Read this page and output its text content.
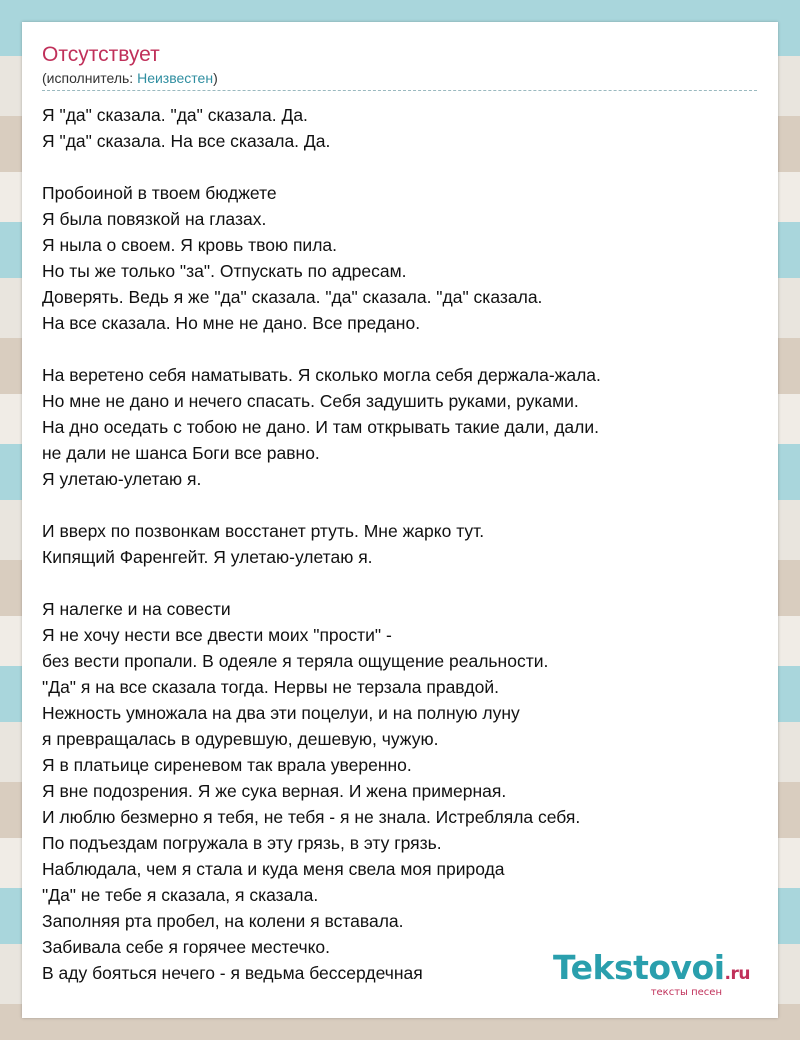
Отсутствует
(исполнитель: Неизвестен)
Я "да" сказала. "да" сказала. Да.
Я "да" сказала. На все сказала. Да.

Пробоиной в твоем бюджете
Я была повязкой на глазах.
Я ныла о своем. Я кровь твою пила.
Но ты же только "за". Отпускать по адресам.
Доверять. Ведь я же "да" сказала. "да" сказала. "да" сказала.
На все сказала. Но мне не дано. Все предано.

На веретено себя наматывать. Я сколько могла себя держала-жала.
Но мне не дано и нечего спасать. Себя задушить руками, руками.
На дно оседать с тобою не дано. И там открывать такие дали, дали.
не дали не шанса Боги все равно.
Я улетаю-улетаю я.

И вверх по позвонкам восстанет ртуть. Мне жарко тут.
Кипящий Фаренгейт. Я улетаю-улетаю я.

Я налегке и на совести
Я не хочу нести все двести моих "прости" -
без вести пропали. В одеяле я теряла ощущение реальности.
"Да" я на все сказала тогда. Нервы не терзала правдой.
Нежность умножала на два эти поцелуи, и на полную луну
я превращалась в одуревшую, дешевую, чужую.
Я в платьице сиреневом так врала уверенно.
Я вне подозрения. Я же сука верная. И жена примерная.
И люблю безмерно я тебя, не тебя - я не знала. Истребляла себя.
По подъездам погружала в эту грязь, в эту грязь.
Наблюдала, чем я стала и куда меня свела моя природа
"Да" не тебе я сказала, я сказала.
Заполняя рта пробел, на колени я вставала.
Забивала себе я горячее местечко.
В аду бояться нечего - я ведьма бессердечная	Tekstovoi.ru
тексты песен
